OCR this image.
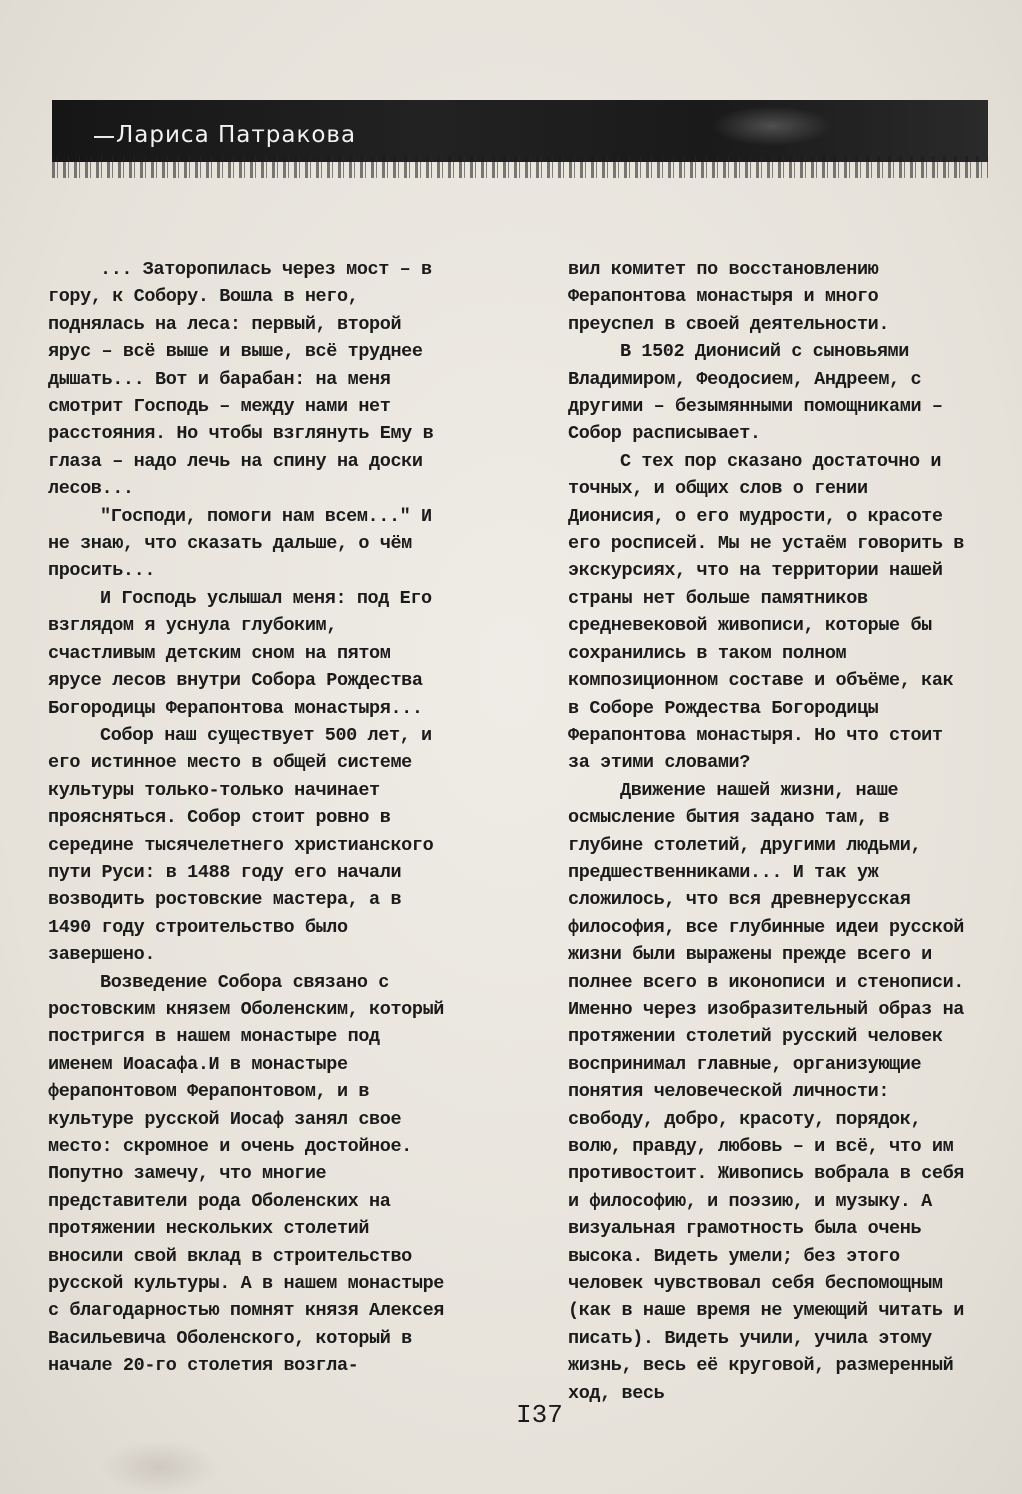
Лариса Патракова

... Заторопилась через мост – в гору, к Собору. Вошла в него, поднялась на леса: первый, второй ярус – всё выше и выше, всё труднее дышать... Вот и барабан: на меня смотрит Господь – между нами нет расстояния. Но чтобы взглянуть Ему в глаза – надо лечь на спину на доски лесов...

"Господи, помоги нам всем..." И не знаю, что сказать дальше, о чём просить...

И Господь услышал меня: под Его взглядом я уснула глубоким, счастливым детским сном на пятом ярусе лесов внутри Собора Рождества Богородицы Ферапонтова монастыря...

Собор наш существует 500 лет, и его истинное место в общей системе культуры только-только начинает проясняться. Собор стоит ровно в середине тысячелетнего христианского пути Руси: в 1488 году его начали возводить ростовские мастера, а в 1490 году строительство было завершено.

Возведение Собора связано с ростовским князем Оболенским, который постригся в нашем монастыре под именем Иоасафа.И в монастыре ферапонтовом Ферапонтовом, и в культуре русской Иосаф занял свое место: скромное и очень достойное. Попутно замечу, что многие представители рода Оболенских на протяжении нескольких столетий вносили свой вклад в строительство русской культуры. А в нашем монастыре с благодарностью помнят князя Алексея Васильевича Оболенского, который в начале 20-го столетия возгла-

вил комитет по восстановлению Ферапонтова монастыря и много преуспел в своей деятельности.

В 1502 Дионисий с сыновьями Владимиром, Феодосием, Андреем, с другими – безымянными помощниками – Собор расписывает.

С тех пор сказано достаточно и точных, и общих слов о гении Дионисия, о его мудрости, о красоте его росписей. Мы не устаём говорить в экскурсиях, что на территории нашей страны нет больше памятников средневековой живописи, которые бы сохранились в таком полном композиционном составе и объёме, как в Соборе Рождества Богородицы Ферапонтова монастыря. Но что стоит за этими словами?

Движение нашей жизни, наше осмысление бытия задано там, в глубине столетий, другими людьми, предшественниками... И так уж сложилось, что вся древнерусская философия, все глубинные идеи русской жизни были выражены прежде всего и полнее всего в иконописи и стенописи. Именно через изобразительный образ на протяжении столетий русский человек воспринимал главные, организующие понятия человеческой личности: свободу, добро, красоту, порядок, волю, правду, любовь – и всё, что им противостоит. Живопись вобрала в себя и философию, и поэзию, и музыку. А визуальная грамотность была очень высока. Видеть умели; без этого человек чувствовал себя беспомощным (как в наше время не умеющий читать и писать). Видеть учили, учила этому жизнь, весь её круговой, размеренный ход, весь

I37
